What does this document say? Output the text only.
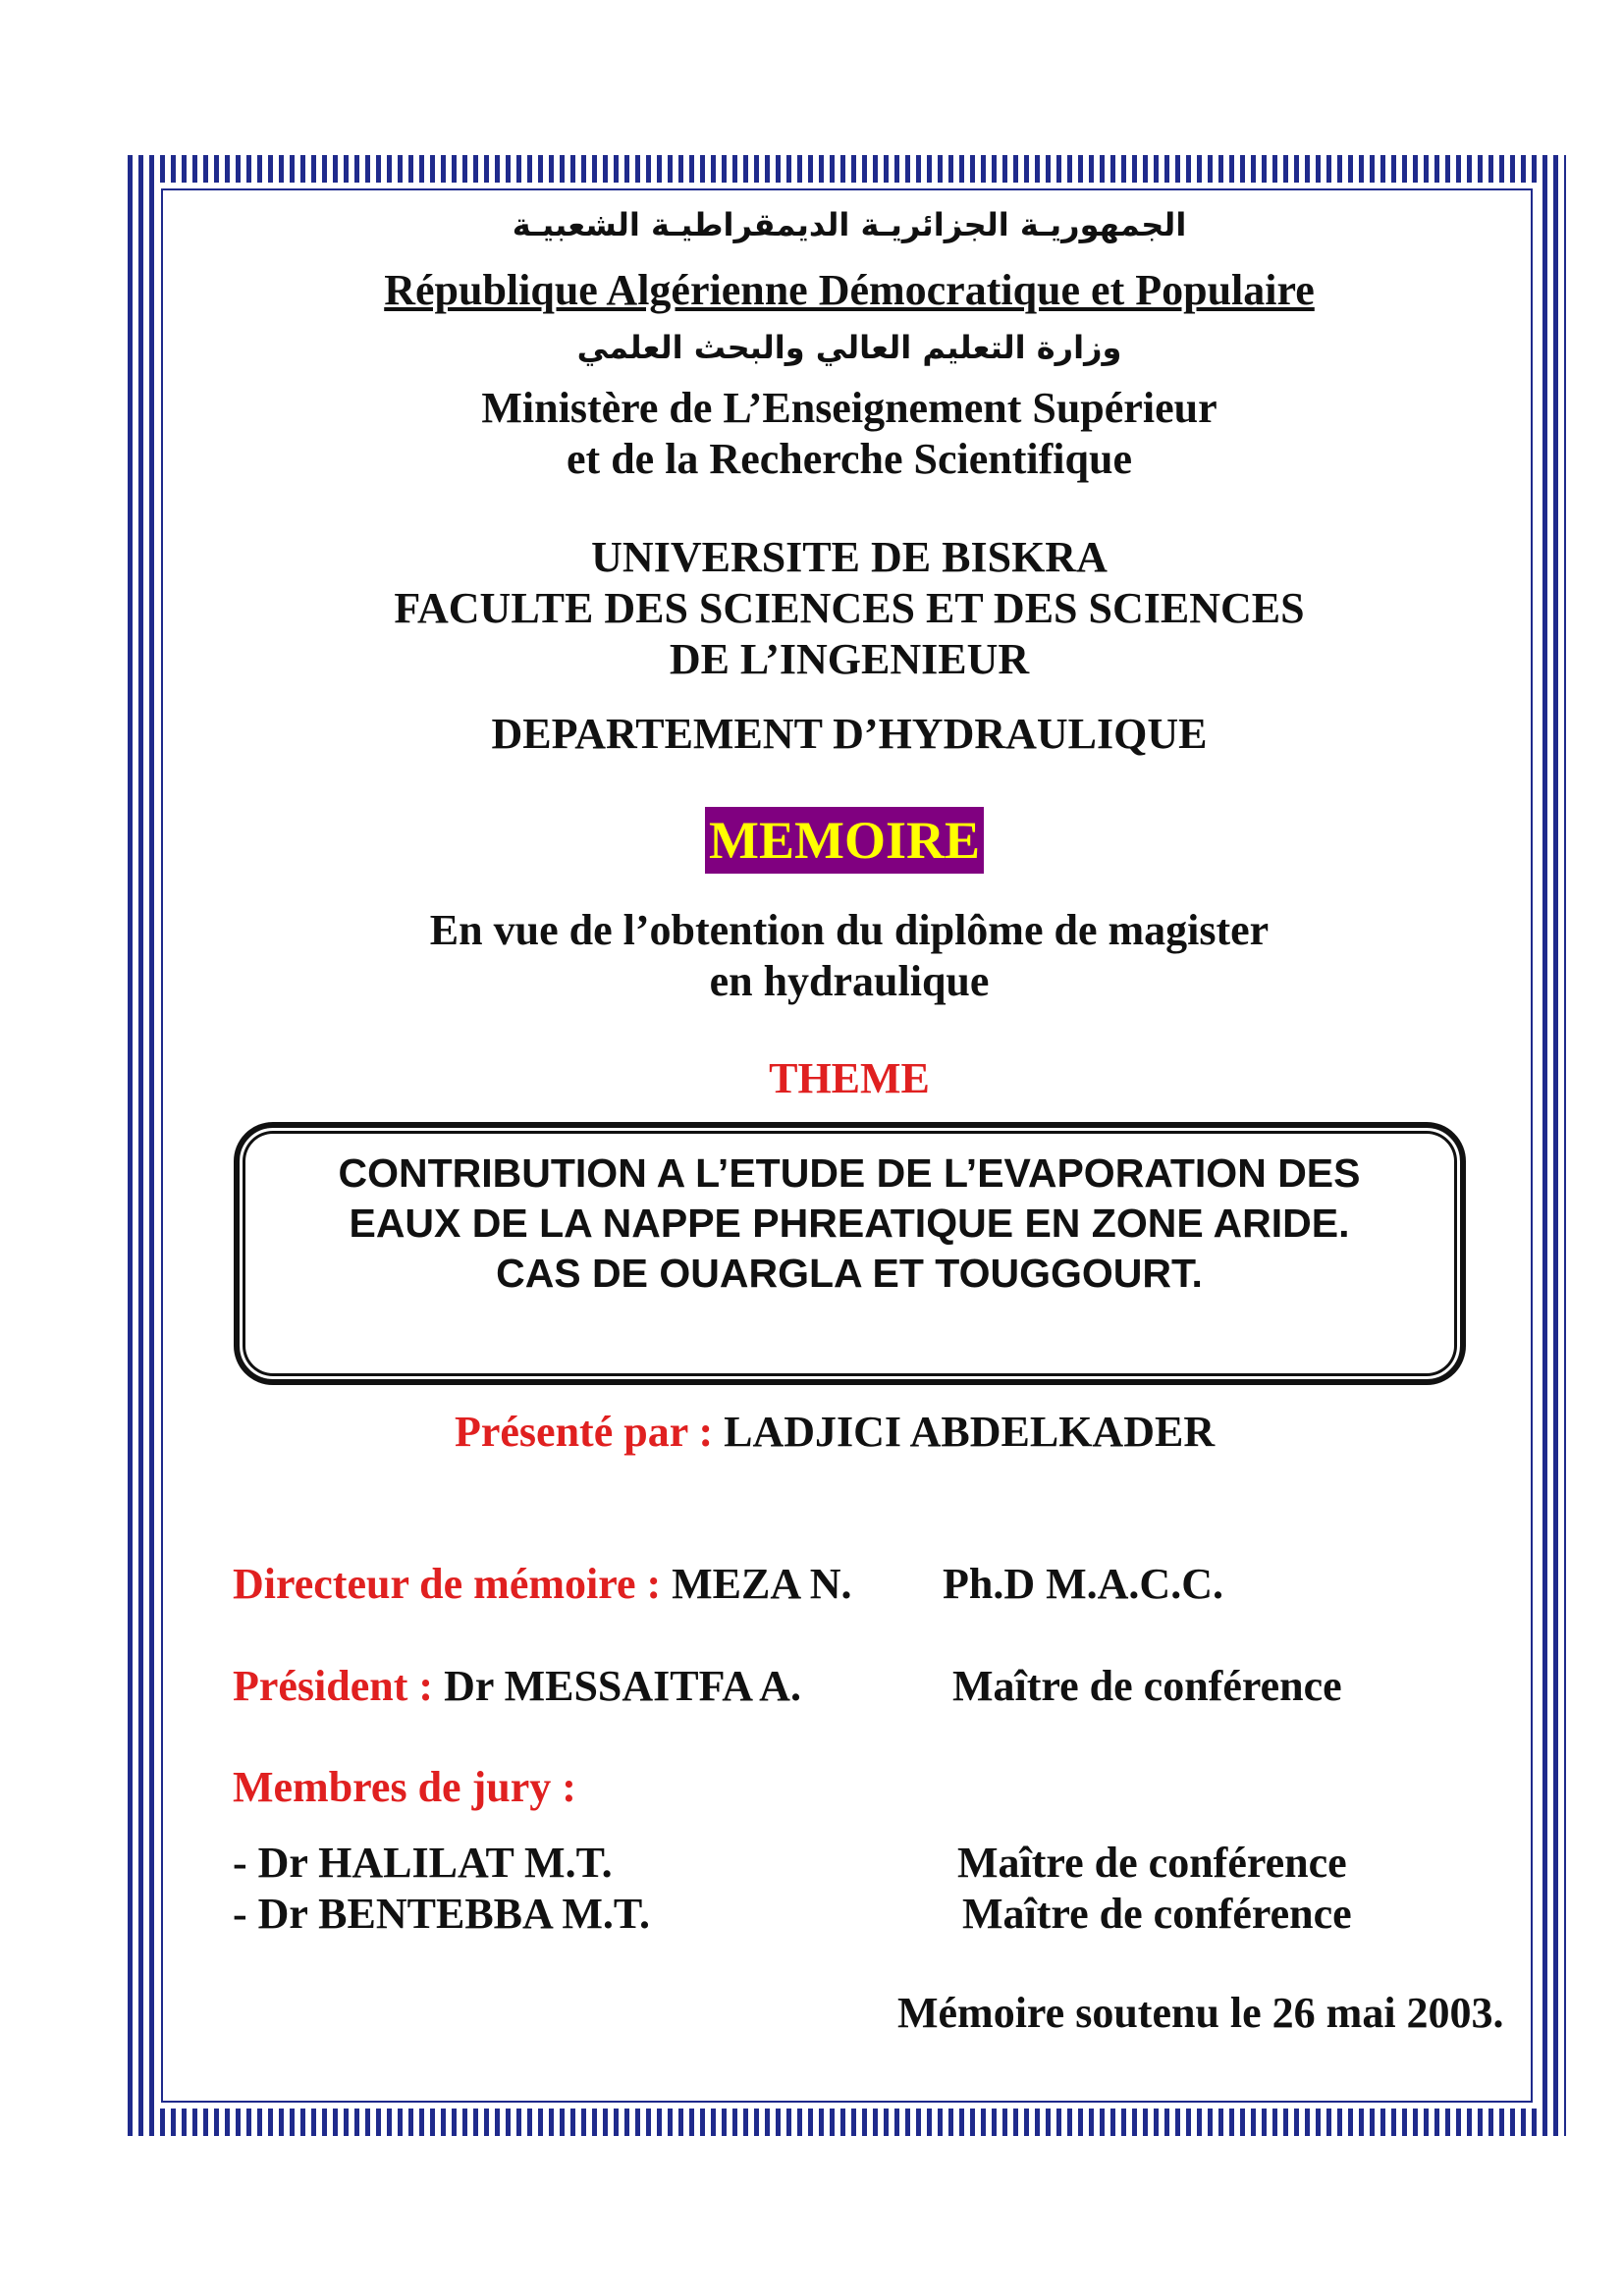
الجمهوريـة الجزائريـة الديمقراطيـة الشعبيـة

République Algérienne Démocratique et Populaire

وزارة التعليم العالي والبحث العلمي

Ministère de L’Enseignement Supérieur

et de la Recherche Scientifique

UNIVERSITE DE BISKRA

FACULTE DES SCIENCES ET DES SCIENCES

DE L’INGENIEUR

DEPARTEMENT D’HYDRAULIQUE

MEMOIRE

En vue de l’obtention du diplôme de magister

en hydraulique

THEME

CONTRIBUTION A L’ETUDE DE L’EVAPORATION DES
EAUX DE LA NAPPE PHREATIQUE EN ZONE ARIDE.
CAS DE OUARGLA ET TOUGGOURT.
Présenté par : LADJICI ABDELKADER
Directeur de mémoire : MEZA N. Ph.D M.A.C.C.
Président : Dr MESSAITFA A.	Maître de conférence
Membres de jury :
- Dr HALILAT M.T.	Maître de conférence
- Dr BENTEBBA M.T.	Maître de conférence
Mémoire soutenu le 26 mai 2003.
